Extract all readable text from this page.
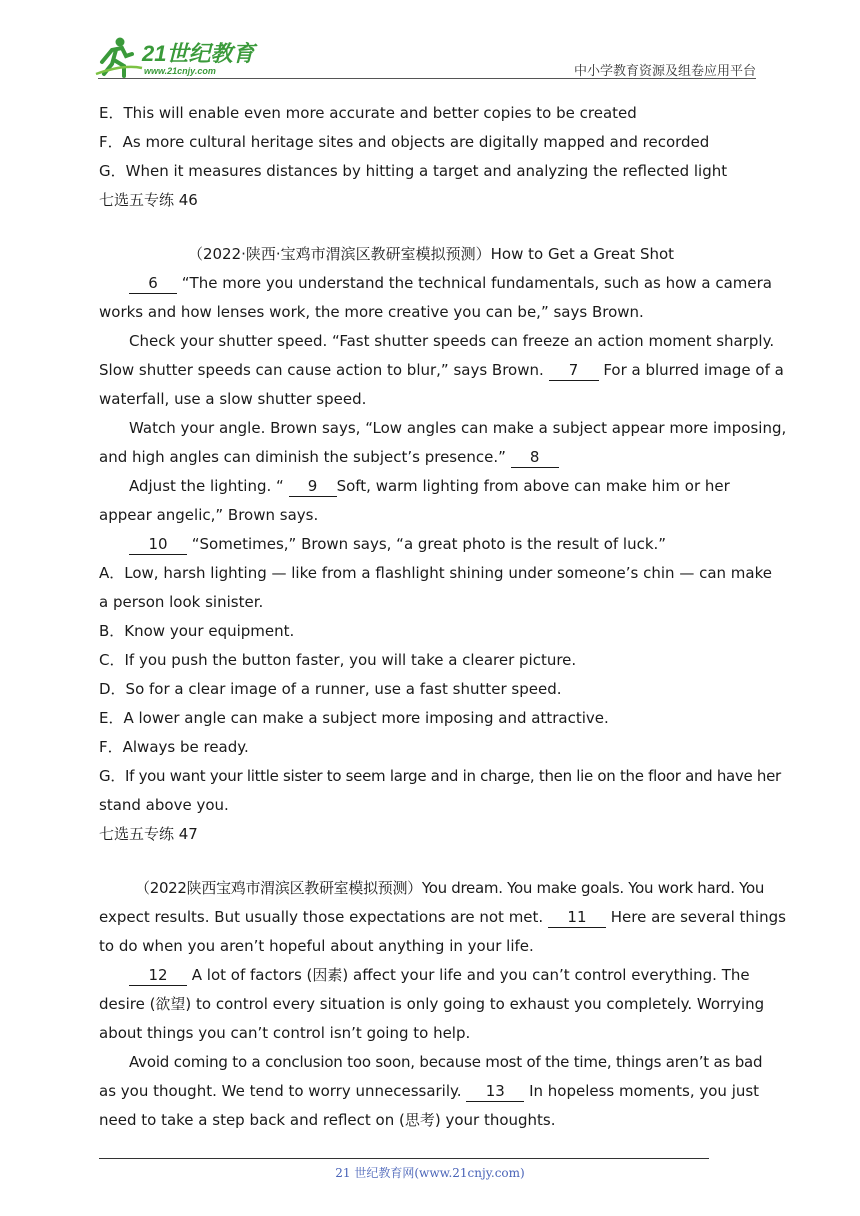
21世纪教育
www.21cnjy.com	中小学教育资源及组卷应用平台
E．This will enable even more accurate and better copies to be created
F．As more cultural heritage sites and objects are digitally mapped and recorded
G．When it measures distances by hitting a target and analyzing the reflected light
七选五专练 46
（2022·陕西·宝鸡市渭滨区教研室模拟预测）How to Get a Great Shot
6 “The more you understand the technical fundamentals, such as how a camera
works and how lenses work, the more creative you can be,” says Brown.
Check your shutter speed. “Fast shutter speeds can freeze an action moment sharply.
Slow shutter speeds can cause action to blur,” says Brown. 7 For a blurred image of a
waterfall, use a slow shutter speed.
Watch your angle. Brown says, “Low angles can make a subject appear more imposing,
and high angles can diminish the subject’s presence.” 8
Adjust the lighting. “ 9 Soft, warm lighting from above can make him or her
appear angelic,” Brown says.
10 “Sometimes,” Brown says, “a great photo is the result of luck.”
A．Low, harsh lighting — like from a flashlight shining under someone’s chin — can make
a person look sinister.
B．Know your equipment.
C．If you push the button faster, you will take a clearer picture.
D．So for a clear image of a runner, use a fast shutter speed.
E．A lower angle can make a subject more imposing and attractive.
F．Always be ready.
G．If you want your little sister to seem large and in charge, then lie on the floor and have her
stand above you.
七选五专练 47
（2022陕西宝鸡市渭滨区教研室模拟预测）You dream. You make goals. You work hard. You
expect results. But usually those expectations are not met. 11 Here are several things
to do when you aren’t hopeful about anything in your life.
12 A lot of factors (因素) affect your life and you can’t control everything. The
desire (欲望) to control every situation is only going to exhaust you completely. Worrying
about things you can’t control isn’t going to help.
Avoid coming to a conclusion too soon, because most of the time, things aren’t as bad
as you thought. We tend to worry unnecessarily. 13 In hopeless moments, you just
need to take a step back and reflect on (思考) your thoughts.
21 世纪教育网(www.21cnjy.com)
